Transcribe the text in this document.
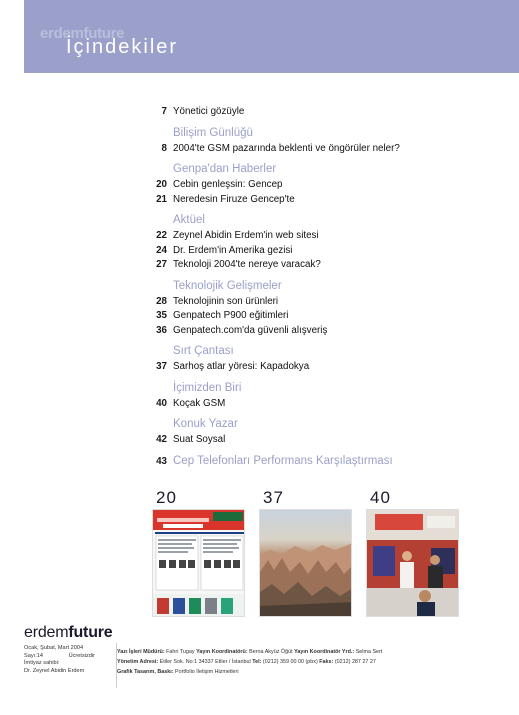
erdemfuture
İçindekiler
7 Yönetici gözüyle
Bilişim Günlüğü
8 2004'te GSM pazarında beklenti ve öngörüler neler?
Genpa'dan Haberler
20 Cebin genleşsin: Gencep
21 Neredesin Firuze Gencep'te
Aktüel
22 Zeynel Abidin Erdem'in web sitesi
24 Dr. Erdem'in Amerika gezisi
27 Teknoloji 2004'te nereye varacak?
Teknolojik Gelişmeler
28 Teknolojinin son ürünleri
35 Genpatech P900 eğitimleri
36 Genpatech.com'da güvenli alışveriş
Sırt Çantası
37 Sarhoş atlar yöresi: Kapadokya
İçimizden Biri
40 Koçak GSM
Konuk Yazar
42 Suat Soysal
43 Cep Telefonları Performans Karşılaştırması
20	37	40
erdemfuture
Ocak, Şubat, Mart 2004
Sayı:14	Ücretsizdir
İmtiyaz sahibi:
Dr. Zeynel Abidin Erdem
Yazı İşleri Müdürü: Fahri Tugay Yayın Koordinatörü: Berna Akyüz Öğüt Yayın Koordinatör Yrd.: Selma Sert
Yönetim Adresi: Etiler Sok. No:1 34337 Etiler / İstanbul Tel: (0212) 359 00 00 (pbx) Faks: (0212) 287 27 27
Grafik Tasarım, Baskı: Portfolio İletişim Hizmetleri
